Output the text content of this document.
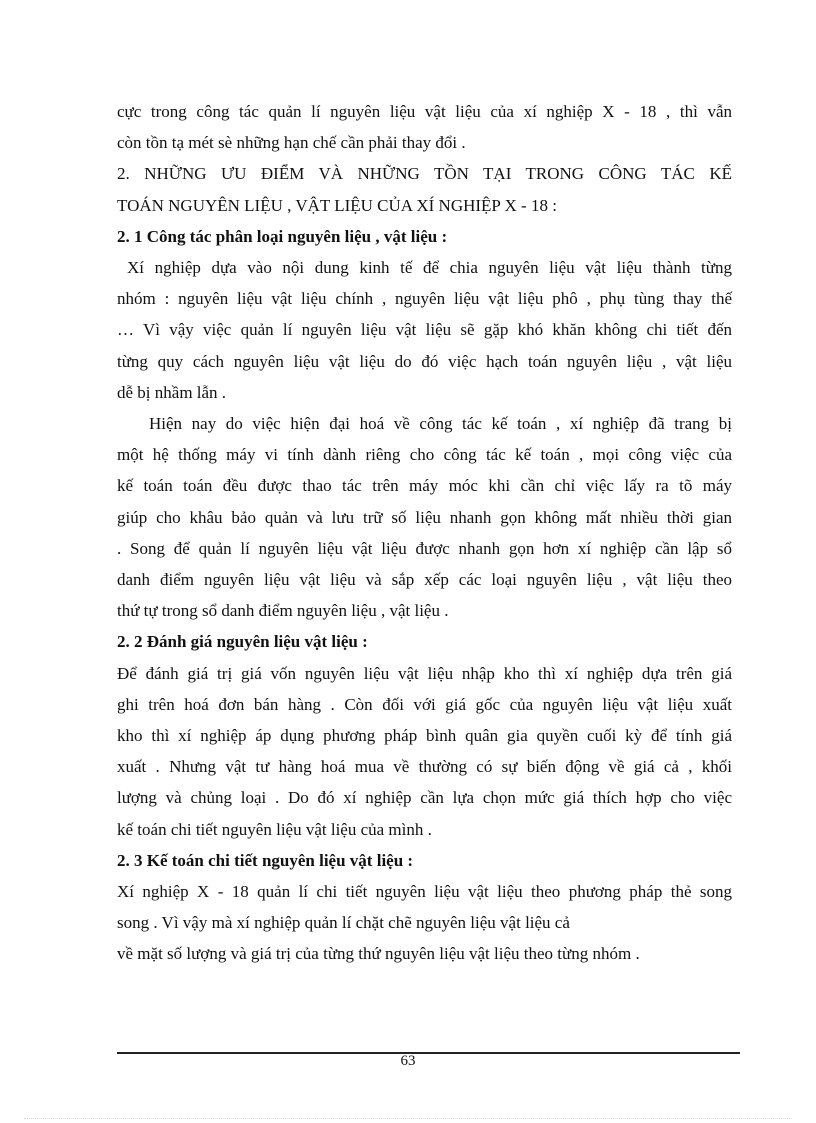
cực trong công tác quản lí nguyên liệu vật liệu của xí nghiệp X - 18 , thì vẫn
còn tồn tạ mét sè những hạn chế cần phải thay đổi .
2. NHỮNG ƯU ĐIỂM VÀ NHỮNG TỒN TẠI TRONG CÔNG TÁC KẾ
TOÁN NGUYÊN LIỆU , VẬT LIỆU CỦA XÍ NGHIỆP X - 18 :
2. 1 Công tác phân loại nguyên liệu , vật liệu :
Xí nghiệp dựa vào nội dung kinh tế để chia nguyên liệu vật liệu thành từng
nhóm : nguyên liệu vật liệu chính , nguyên liệu vật liệu phô , phụ tùng thay thế
… Vì vậy việc quản lí nguyên liệu vật liệu sẽ gặp khó khăn không chi tiết đến
từng quy cách nguyên liệu vật liệu do đó việc hạch toán nguyên liệu , vật liệu
dễ bị nhầm lẫn .
Hiện nay do việc hiện đại hoá về công tác kế toán , xí nghiệp đã trang bị
một hệ thống máy vi tính dành riêng cho công tác kế toán , mọi công việc của
kế toán toán đều được thao tác trên máy móc khi cần chỉ việc lấy ra tõ máy
giúp cho khâu bảo quản và lưu trữ số liệu nhanh gọn không mất nhiều thời gian
. Song để quản lí nguyên liệu vật liệu được nhanh gọn hơn xí nghiệp cần lập sổ
danh điểm nguyên liệu vật liệu và sắp xếp các loại nguyên liệu , vật liệu theo
thứ tự trong sổ danh điểm nguyên liệu , vật liệu .
2. 2 Đánh giá nguyên liệu vật liệu :
Để đánh giá trị giá vốn nguyên liệu vật liệu nhập kho thì xí nghiệp dựa trên giá
ghi trên hoá đơn bán hàng . Còn đối với giá gốc của nguyên liệu vật liệu xuất
kho thì xí nghiệp áp dụng phương pháp bình quân gia quyền cuối kỳ để tính giá
xuất . Nhưng vật tư hàng hoá mua về thường có sự biến động về giá cả , khối
lượng và chủng loại . Do đó xí nghiệp cần lựa chọn mức giá thích hợp cho việc
kế toán chi tiết nguyên liệu vật liệu của mình .
2. 3 Kế toán chi tiết nguyên liệu vật liệu :
Xí nghiệp X - 18 quản lí chi tiết nguyên liệu vật liệu theo phương pháp thẻ song
song . Vì vậy mà xí nghiệp quản lí chặt chẽ nguyên liệu vật liệu cả
về mặt số lượng và giá trị của từng thứ nguyên liệu vật liệu theo từng nhóm .
63
